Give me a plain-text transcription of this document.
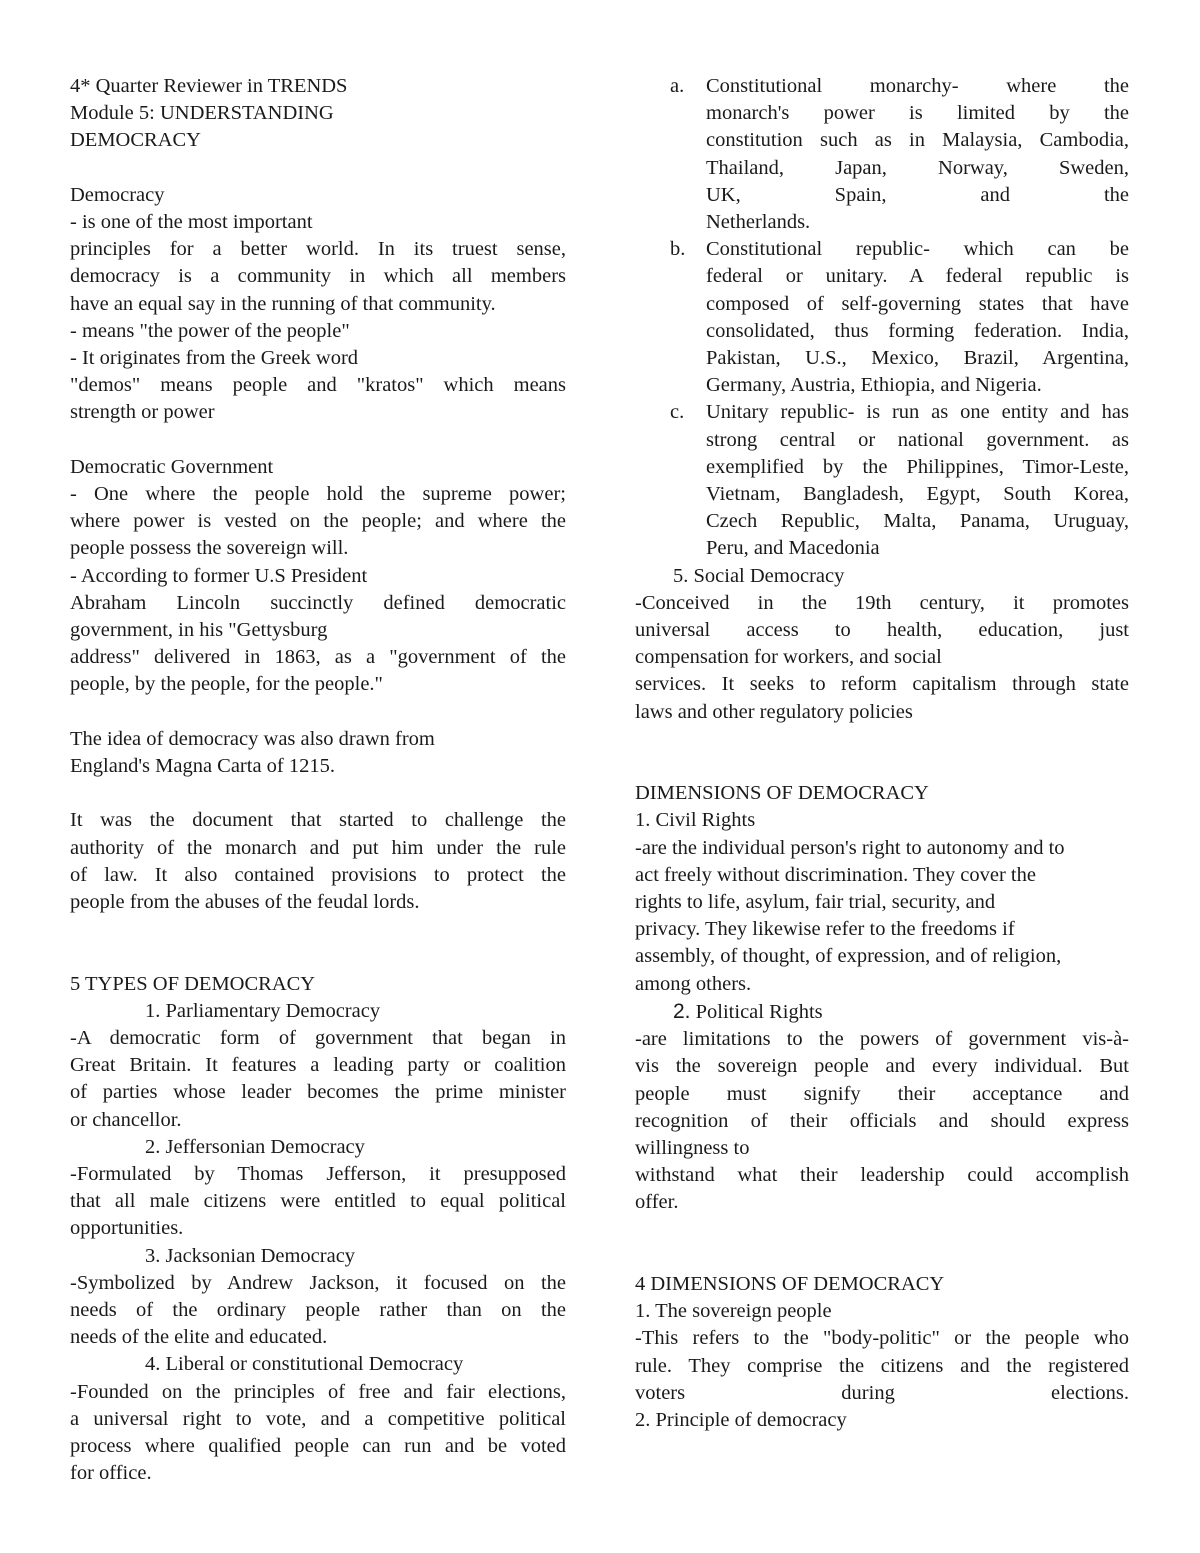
4* Quarter Reviewer in TRENDS

Module 5: UNDERSTANDING

DEMOCRACY

Democracy

- is one of the most important

principles for a better world. In its truest sense,

democracy is a community in which all members

have an equal say in the running of that community.

- means "the power of the people"

- It originates from the Greek word

"demos" means people and "kratos" which means

strength or power

Democratic Government

- One where the people hold the supreme power;

where power is vested on the people; and where the

people possess the sovereign will.

- According to former U.S President

Abraham Lincoln succinctly defined democratic

government, in his "Gettysburg

address" delivered in 1863, as a "government of the

people, by the people, for the people."

The idea of democracy was also drawn from

England's Magna Carta of 1215.

It was the document that started to challenge the

authority of the monarch and put him under the rule

of law. It also contained provisions to protect the

people from the abuses of the feudal lords.

5 TYPES OF DEMOCRACY

1. Parliamentary Democracy

-A democratic form of government that began in

Great Britain. It features a leading party or coalition

of parties whose leader becomes the prime minister

or chancellor.

2. Jeffersonian Democracy

-Formulated by Thomas Jefferson, it presupposed

that all male citizens were entitled to equal political

opportunities.

3. Jacksonian Democracy

-Symbolized by Andrew Jackson, it focused on the

needs of the ordinary people rather than on the

needs of the elite and educated.

4. Liberal or constitutional Democracy

-Founded on the principles of free and fair elections,

a universal right to vote, and a competitive political

process where qualified people can run and be voted

for office.

a. Constitutional monarchy- where the

monarch's power is limited by the

constitution such as in Malaysia, Cambodia,

Thailand, Japan, Norway, Sweden,

UK, Spain, and the

Netherlands.

b. Constitutional republic- which can be

federal or unitary. A federal republic is

composed of self-governing states that have

consolidated, thus forming federation. India,

Pakistan, U.S., Mexico, Brazil, Argentina,

Germany, Austria, Ethiopia, and Nigeria.

c. Unitary republic- is run as one entity and has

strong central or national government. as

exemplified by the Philippines, Timor-Leste,

Vietnam, Bangladesh, Egypt, South Korea,

Czech Republic, Malta, Panama, Uruguay,

Peru, and Macedonia

5. Social Democracy

-Conceived in the 19th century, it promotes

universal access to health, education, just

compensation for workers, and social

services. It seeks to reform capitalism through state

laws and other regulatory policies

DIMENSIONS OF DEMOCRACY

1. Civil Rights

-are the individual person's right to autonomy and to

act freely without discrimination. They cover the

rights to life, asylum, fair trial, security, and

privacy. They likewise refer to the freedoms if

assembly, of thought, of expression, and of religion,

among others.

2. Political Rights

-are limitations to the powers of government vis-à-

vis the sovereign people and every individual. But

people must signify their acceptance and

recognition of their officials and should express

willingness to

withstand what their leadership could accomplish

offer.

4 DIMENSIONS OF DEMOCRACY

1. The sovereign people

-This refers to the "body-politic" or the people who

rule. They comprise the citizens and the registered

voters during elections.

2. Principle of democracy
